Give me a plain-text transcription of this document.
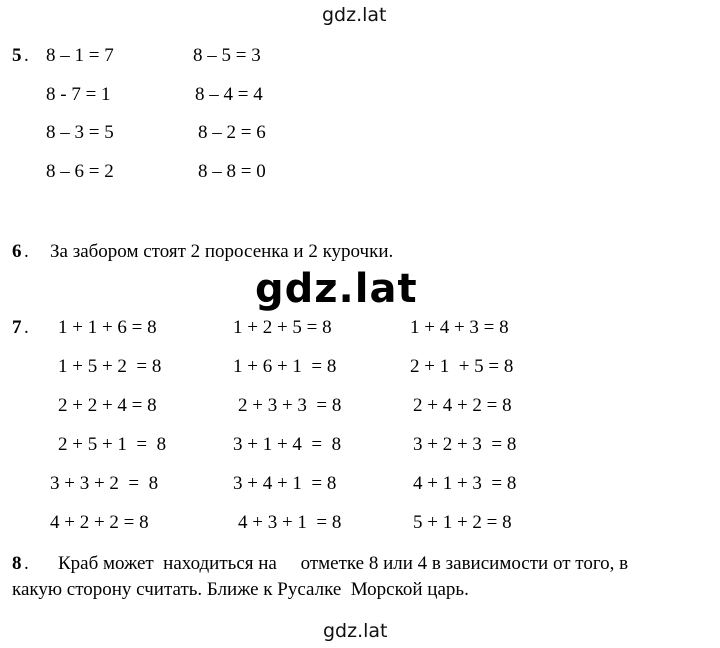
gdz.lat
gdz.lat
gdz.lat
5 . 8 – 1 = 7
8 - 7 = 1
8 – 3 = 5
8 – 6 = 2
8 – 5 = 3
8 – 4 = 4
8 – 2 = 6
8 – 8 = 0
6 . За забором стоят 2 поросенка и 2 курочки.
7 . 1 + 1 + 6 = 8
1 + 5 + 2  = 8
2 + 2 + 4 = 8
2 + 5 + 1  =  8
3 + 3 + 2  =  8
4 + 2 + 2 = 8
1 + 2 + 5 = 8
1 + 6 + 1  = 8
2 + 3 + 3  = 8
3 + 1 + 4  =  8
3 + 4 + 1  = 8
4 + 3 + 1  = 8
1 + 4 + 3 = 8
2 + 1  + 5 = 8
2 + 4 + 2 = 8
3 + 2 + 3  = 8
4 + 1 + 3  = 8
5 + 1 + 2 = 8
8 . Краб может  находиться на     отметке 8 или 4 в зависимости от того, в
какую сторону считать. Ближе к Русалке  Морской царь.
